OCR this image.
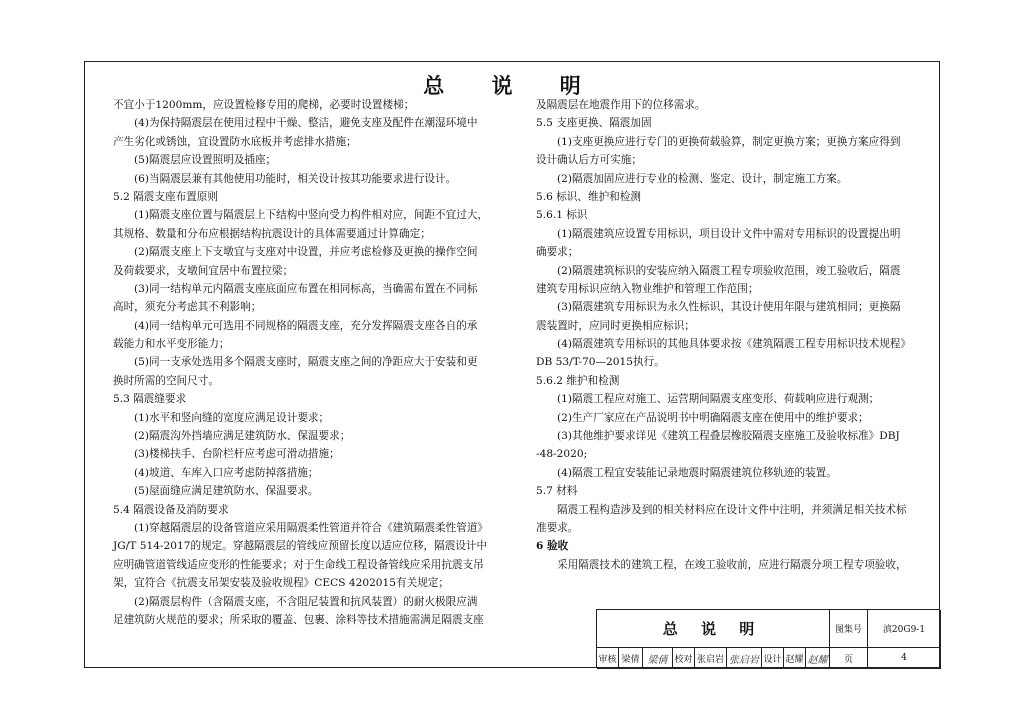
总 说 明
不宜小于1200mm，应设置检修专用的爬梯，必要时设置楼梯；
(4)为保持隔震层在使用过程中干燥、整洁，避免支座及配件在潮湿环境中
产生劣化或锈蚀，宜设置防水底板并考虑排水措施；
(5)隔震层应设置照明及插座；
(6)当隔震层兼有其他使用功能时，相关设计按其功能要求进行设计。
5.2 隔震支座布置原则
(1)隔震支座位置与隔震层上下结构中竖向受力构件相对应，间距不宜过大，
其规格、数量和分布应根据结构抗震设计的具体需要通过计算确定；
(2)隔震支座上下支墩宜与支座对中设置，并应考虑检修及更换的操作空间
及荷载要求，支墩间宜居中布置拉梁；
(3)同一结构单元内隔震支座底面应布置在相同标高，当确需布置在不同标
高时，须充分考虑其不利影响；
(4)同一结构单元可选用不同规格的隔震支座，充分发挥隔震支座各自的承
载能力和水平变形能力；
(5)同一支承处选用多个隔震支座时，隔震支座之间的净距应大于安装和更
换时所需的空间尺寸。
5.3 隔震缝要求
(1)水平和竖向缝的宽度应满足设计要求；
(2)隔震沟外挡墙应满足建筑防水、保温要求；
(3)楼梯扶手、台阶栏杆应考虑可滑动措施；
(4)坡道、车库入口应考虑防掉落措施；
(5)屋面缝应满足建筑防水、保温要求。
5.4 隔震设备及消防要求
(1)穿越隔震层的设备管道应采用隔震柔性管道并符合《建筑隔震柔性管道》
JG/T 514-2017的规定。穿越隔震层的管线应预留长度以适应位移，隔震设计中
应明确管道管线适应变形的性能要求；对于生命线工程设备管线应采用抗震支吊
架，宜符合《抗震支吊架安装及验收规程》CECS 4202015有关规定；
(2)隔震层构件（含隔震支座，不含阻尼装置和抗风装置）的耐火极限应满
足建筑防火规范的要求；所采取的覆盖、包裹、涂料等技术措施需满足隔震支座
及隔震层在地震作用下的位移需求。
5.5 支座更换、隔震加固
(1)支座更换应进行专门的更换荷载验算，制定更换方案；更换方案应得到
设计确认后方可实施；
(2)隔震加固应进行专业的检测、鉴定、设计，制定施工方案。
5.6 标识、维护和检测
5.6.1 标识
(1)隔震建筑应设置专用标识，项目设计文件中需对专用标识的设置提出明
确要求；
(2)隔震建筑标识的安装应纳入隔震工程专项验收范围，竣工验收后，隔震
建筑专用标识应纳入物业维护和管理工作范围；
(3)隔震建筑专用标识为永久性标识，其设计使用年限与建筑相同；更换隔
震装置时，应同时更换相应标识；
(4)隔震建筑专用标识的其他具体要求按《建筑隔震工程专用标识技术规程》
DB 53/T-70—2015执行。
5.6.2 维护和检测
(1)隔震工程应对施工、运营期间隔震支座变形、荷载响应进行观测；
(2)生产厂家应在产品说明书中明确隔震支座在使用中的维护要求；
(3)其他维护要求详见《建筑工程叠层橡胶隔震支座施工及验收标准》DBJ
-48-2020;
(4)隔震工程宜安装能记录地震时隔震建筑位移轨迹的装置。
5.7 材料
隔震工程构造涉及到的相关材料应在设计文件中注明，并须满足相关技术标
准要求。
6 验收
采用隔震技术的建筑工程，在竣工验收前，应进行隔震分项工程专项验收，
总 说 明	图集号	滇20G9-1
审核 梁倩 梁倩 校对 张启岩 张启岩 设计 赵耀 赵耀	页	4
